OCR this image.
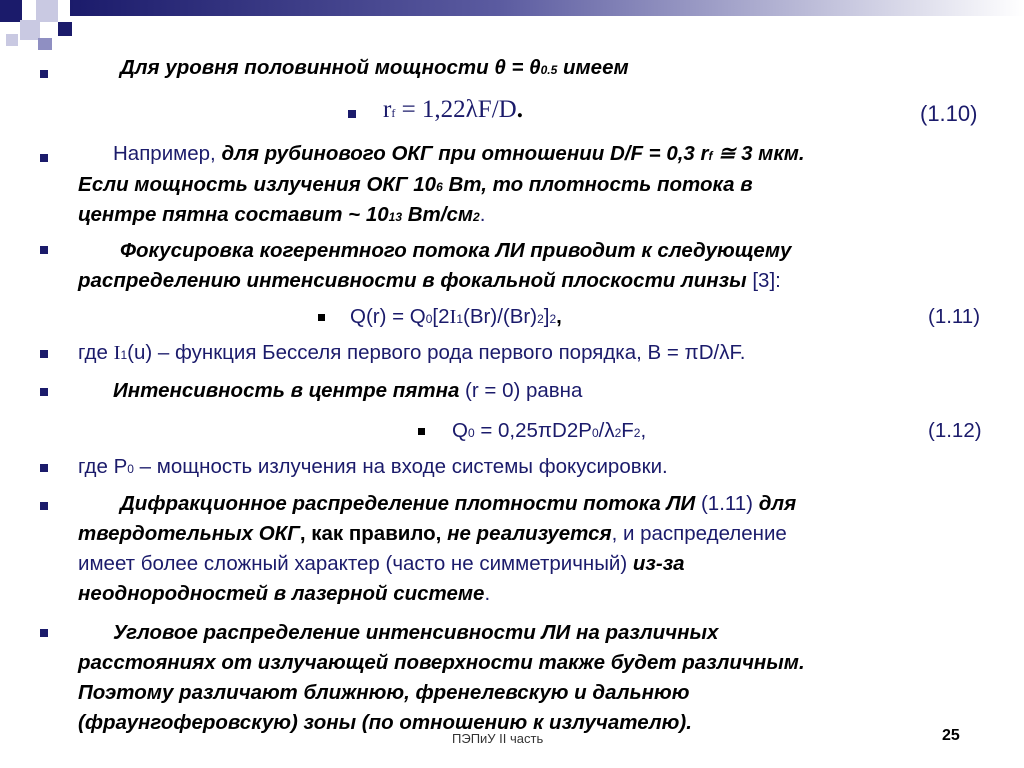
Для уровня половинной мощности θ = θ0.5 имеем
rf = 1,22λF/D.	(1.10)
Например, для рубинового ОКГ при отношении D/F = 0,3 rf ≅ 3 мкм.
Если мощность излучения ОКГ 106 Вт, то плотность потока в
центре пятна составит ~ 1013 Вт/см2.
Фокусировка когерентного потока ЛИ приводит к следующему
распределению интенсивности в фокальной плоскости линзы [3]:
Q(r) = Q0[2I1(Br)/(Br)2]2,	(1.11)
где I1(u) – функция Бесселя первого рода первого порядка, B = πD/λF.
Интенсивность в центре пятна (r = 0) равна
Q0 = 0,25πD2P0/λ2F2,	(1.12)
где P0 – мощность излучения на входе системы фокусировки.
Дифракционное распределение плотности потока ЛИ (1.11) для
твердотельных ОКГ, как правило, не реализуется, и распределение
имеет более сложный характер (часто не симметричный) из-за
неоднородностей в лазерной системе.
Угловое распределение интенсивности ЛИ на различных
расстояниях от излучающей поверхности также будет различным.
Поэтому различают ближнюю, френелевскую и дальнюю
(фраунгоферовскую) зоны (по отношению к излучателю).
ПЭПиУ II часть	25
